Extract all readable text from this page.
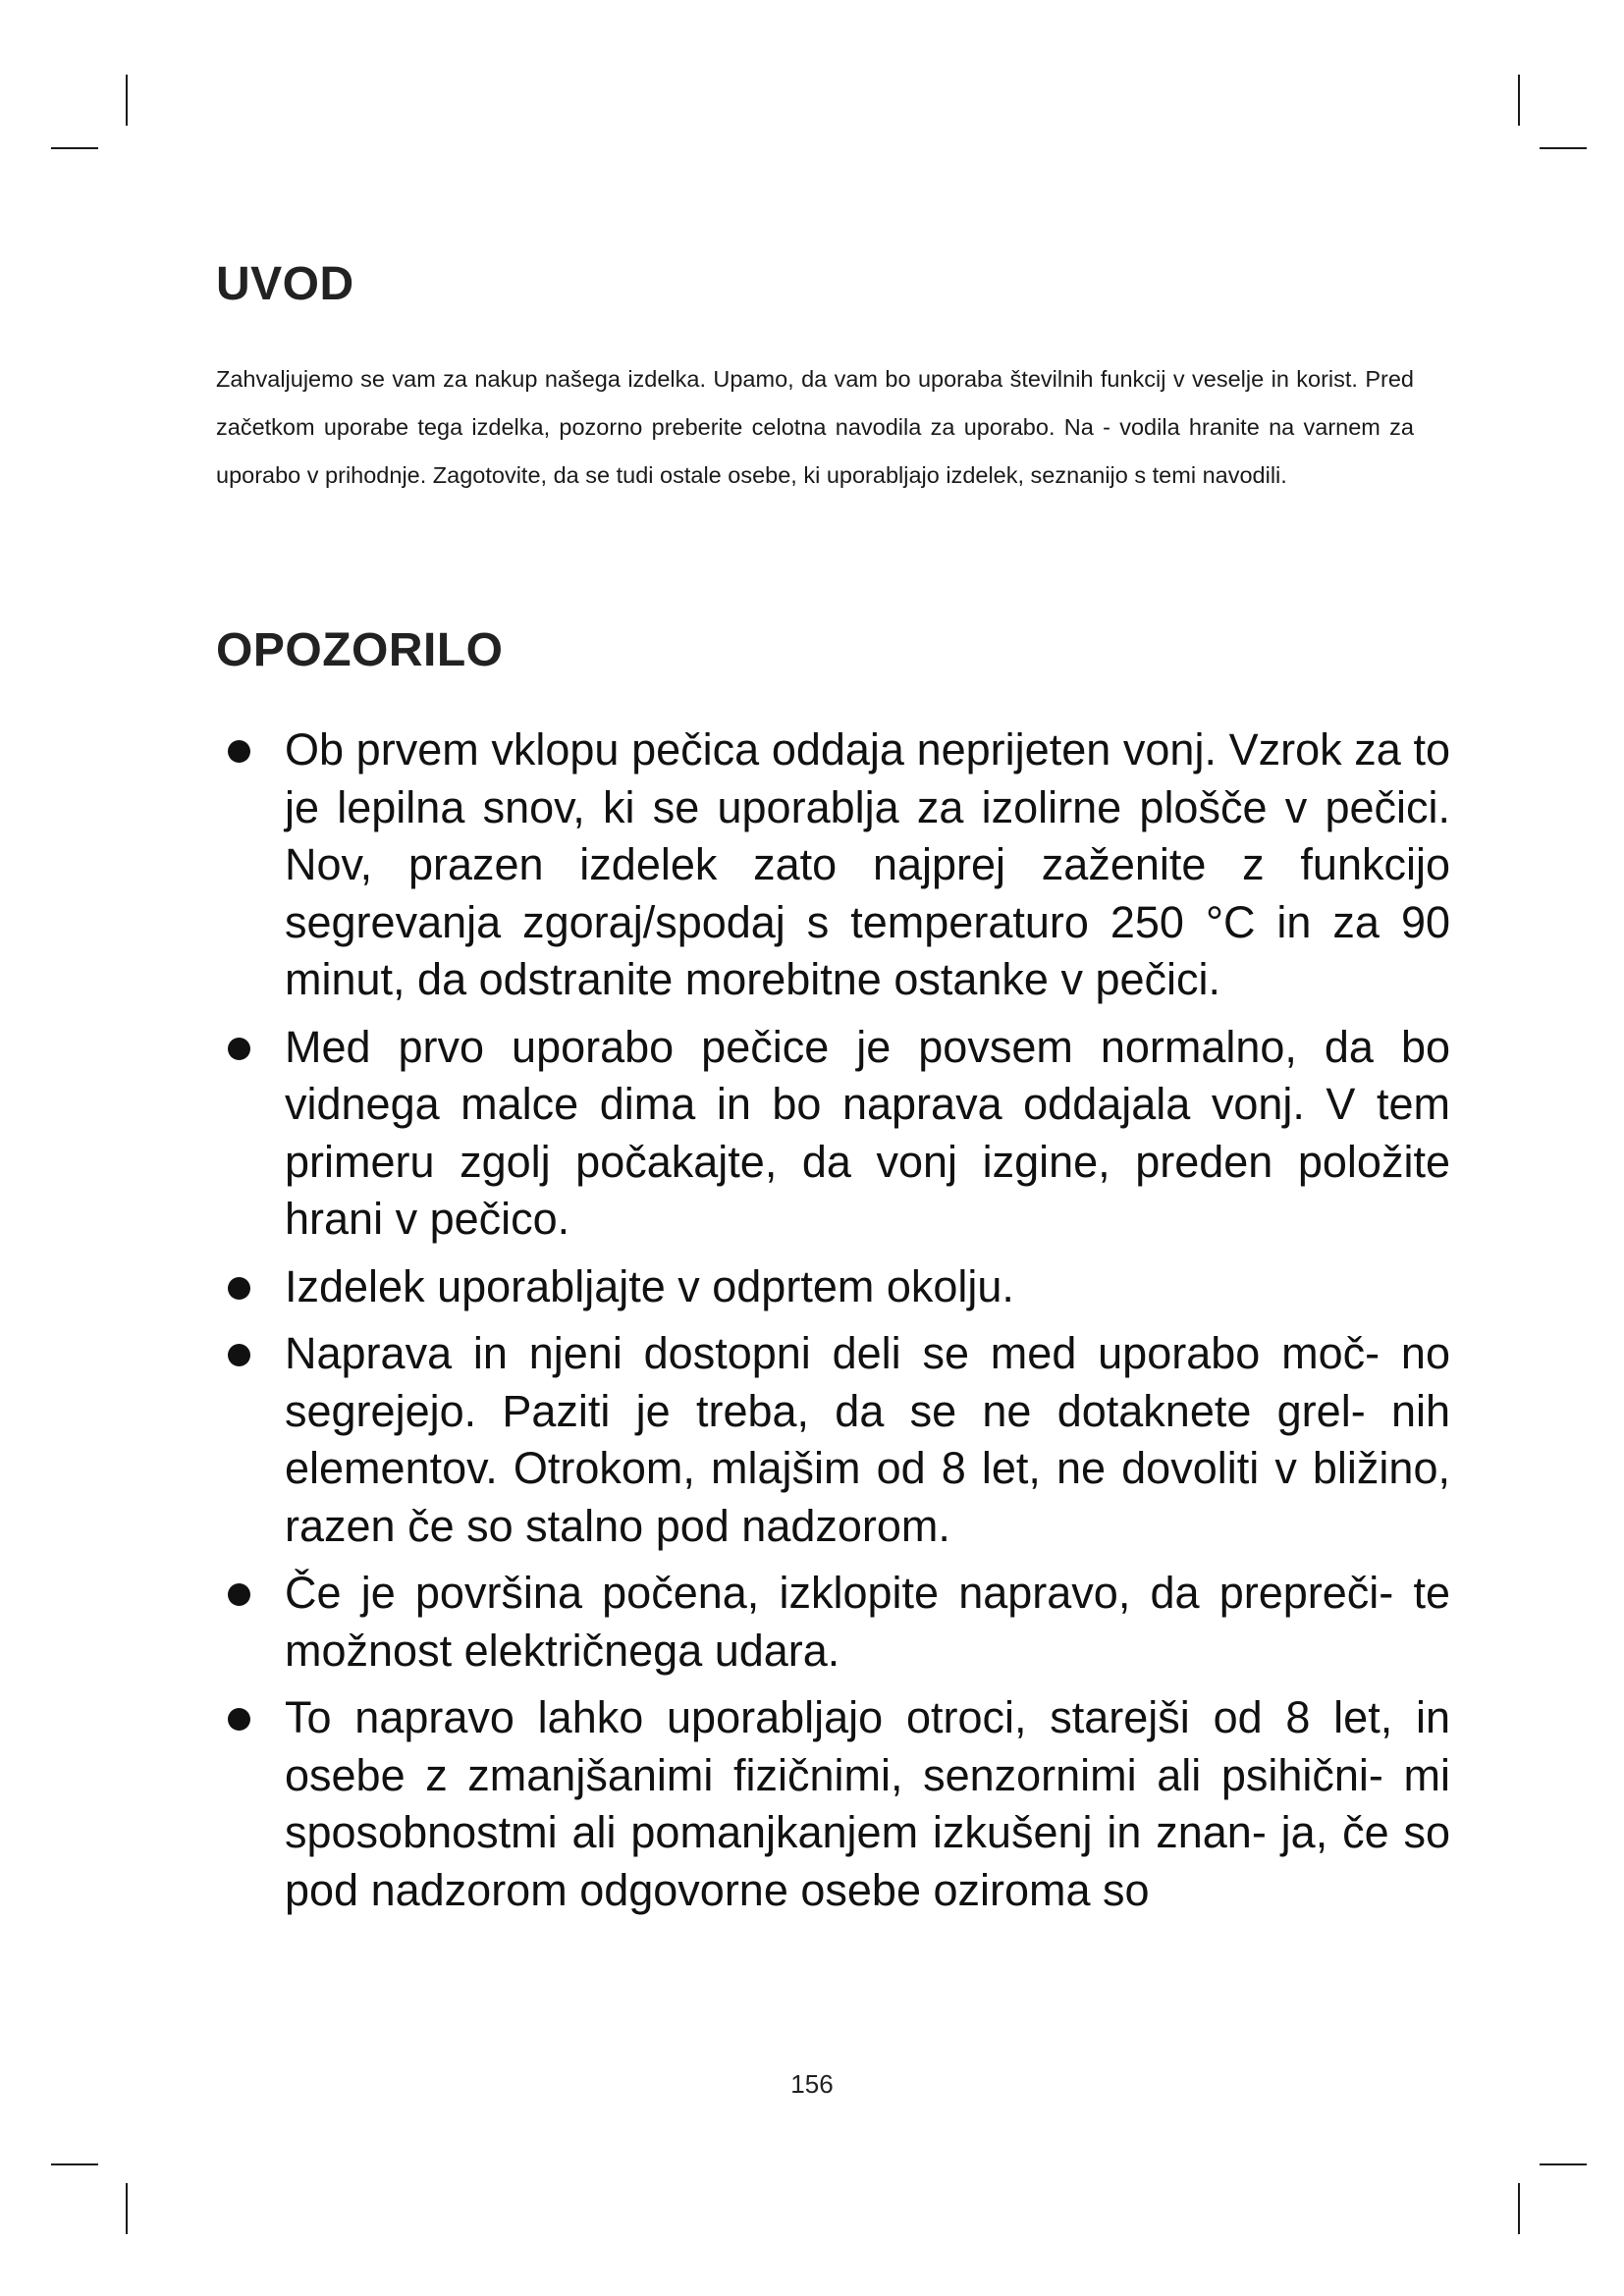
UVOD

Zahvaljujemo se vam za nakup našega izdelka. Upamo, da vam bo uporaba številnih funkcij v veselje in korist. Pred začetkom uporabe tega izdelka, pozorno preberite celotna navodila za uporabo. Na - vodila hranite na varnem za uporabo v prihodnje. Zagotovite, da se tudi ostale osebe, ki uporabljajo izdelek, seznanijo s temi navodili.

OPOZORILO
Ob prvem vklopu pečica oddaja neprijeten vonj. Vzrok za to je lepilna snov, ki se uporablja za izolirne plošče v pečici. Nov, prazen izdelek zato najprej zaženite z funkcijo segrevanja zgoraj/spodaj s temperaturo 250 °C in za 90 minut, da odstranite morebitne ostanke v pečici.
Med prvo uporabo pečice je povsem normalno, da bo vidnega malce dima in bo naprava oddajala vonj. V tem primeru zgolj počakajte, da vonj izgine, preden položite hrani v pečico.
Izdelek uporabljajte v odprtem okolju.
Naprava in njeni dostopni deli se med uporabo moč- no segrejejo. Paziti je treba, da se ne dotaknete grel- nih elementov. Otrokom, mlajšim od 8 let, ne dovoliti v bližino, razen če so stalno pod nadzorom.
Če je površina počena, izklopite napravo, da prepreči- te možnost električnega udara.
To napravo lahko uporabljajo otroci, starejši od 8 let, in osebe z zmanjšanimi fizičnimi, senzornimi ali psihični- mi sposobnostmi ali pomanjkanjem izkušenj in znan- ja, če so pod nadzorom odgovorne osebe oziroma so
156
